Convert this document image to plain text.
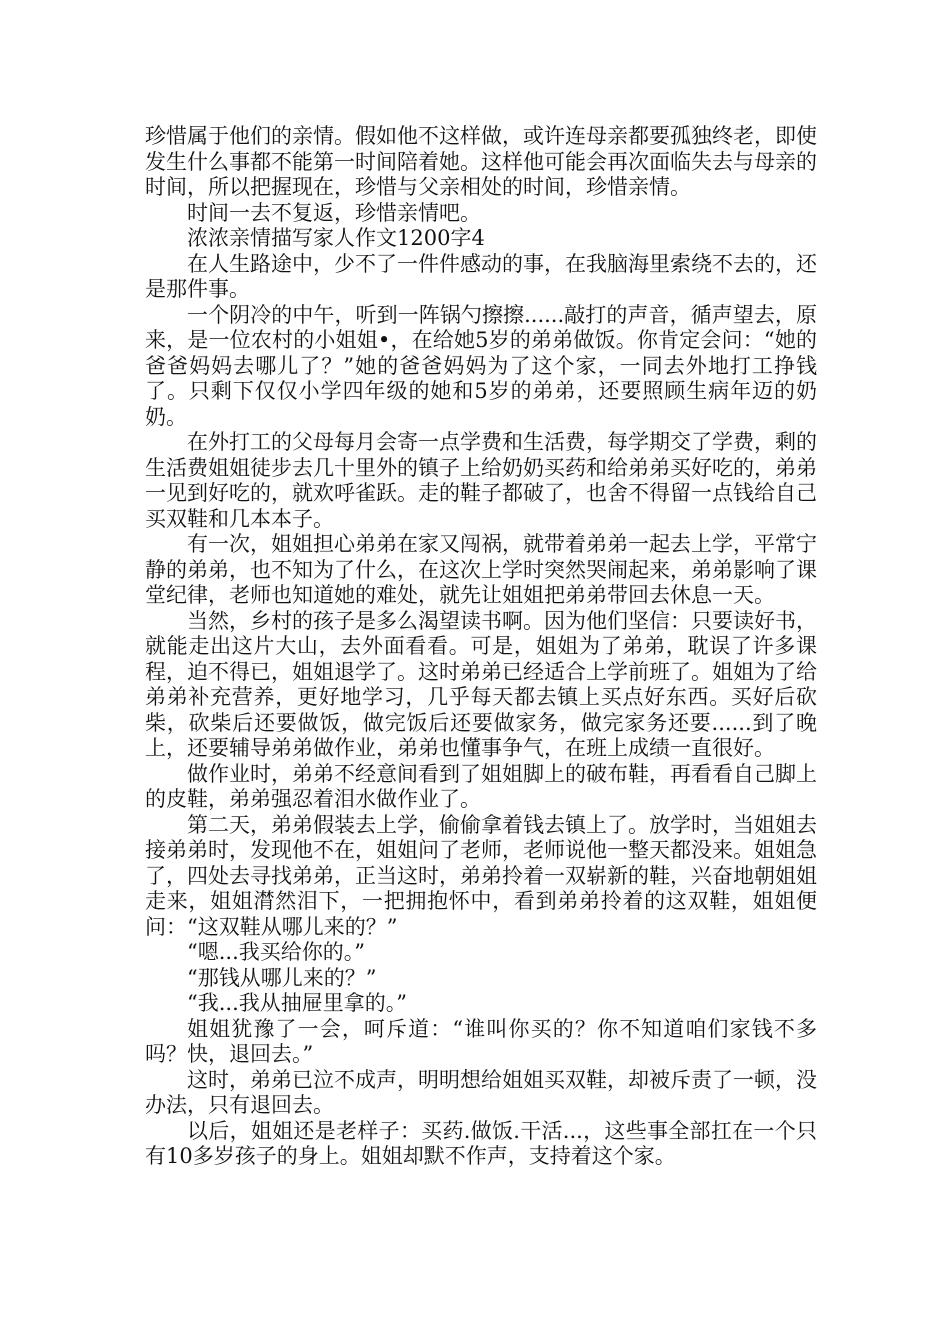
珍惜属于他们的亲情。假如他不这样做，或许连母亲都要孤独终老，即使发生什么事都不能第一时间陪着她。这样他可能会再次面临失去与母亲的时间，所以把握现在，珍惜与父亲相处的时间，珍惜亲情。

时间一去不复返，珍惜亲情吧。

浓浓亲情描写家人作文1200字4

在人生路途中，少不了一件件感动的事，在我脑海里索绕不去的，还是那件事。

一个阴冷的中午，听到一阵锅勺擦擦......敲打的声音，循声望去，原来，是一位农村的小姐姐•，在给她5岁的弟弟做饭。你肯定会问：“她的爸爸妈妈去哪儿了？”她的爸爸妈妈为了这个家，一同去外地打工挣钱了。只剩下仅仅小学四年级的她和5岁的弟弟，还要照顾生病年迈的奶奶。

在外打工的父母每月会寄一点学费和生活费，每学期交了学费，剩的生活费姐姐徒步去几十里外的镇子上给奶奶买药和给弟弟买好吃的，弟弟一见到好吃的，就欢呼雀跃。走的鞋子都破了，也舍不得留一点钱给自己买双鞋和几本本子。

有一次，姐姐担心弟弟在家又闯祸，就带着弟弟一起去上学，平常宁静的弟弟，也不知为了什么，在这次上学时突然哭闹起来，弟弟影响了课堂纪律，老师也知道她的难处，就先让姐姐把弟弟带回去休息一天。

当然，乡村的孩子是多么渴望读书啊。因为他们坚信：只要读好书，就能走出这片大山，去外面看看。可是，姐姐为了弟弟，耽误了许多课程，迫不得已，姐姐退学了。这时弟弟已经适合上学前班了。姐姐为了给弟弟补充营养，更好地学习，几乎每天都去镇上买点好东西。买好后砍柴，砍柴后还要做饭，做完饭后还要做家务，做完家务还要......到了晚上，还要辅导弟弟做作业，弟弟也懂事争气，在班上成绩一直很好。

做作业时，弟弟不经意间看到了姐姐脚上的破布鞋，再看看自己脚上的皮鞋，弟弟强忍着泪水做作业了。

第二天，弟弟假装去上学，偷偷拿着钱去镇上了。放学时，当姐姐去接弟弟时，发现他不在，姐姐问了老师，老师说他一整天都没来。姐姐急了，四处去寻找弟弟，正当这时，弟弟拎着一双崭新的鞋，兴奋地朝姐姐走来，姐姐潸然泪下，一把拥抱怀中，看到弟弟拎着的这双鞋，姐姐便问：“这双鞋从哪儿来的？”

“嗯...我买给你的。”

“那钱从哪儿来的？”

“我...我从抽屉里拿的。”

姐姐犹豫了一会，呵斥道：“谁叫你买的？你不知道咱们家钱不多吗？快，退回去。”

这时，弟弟已泣不成声，明明想给姐姐买双鞋，却被斥责了一顿，没办法，只有退回去。

以后，姐姐还是老样子：买药.做饭.干活...，这些事全部扛在一个只有10多岁孩子的身上。姐姐却默不作声，支持着这个家。
